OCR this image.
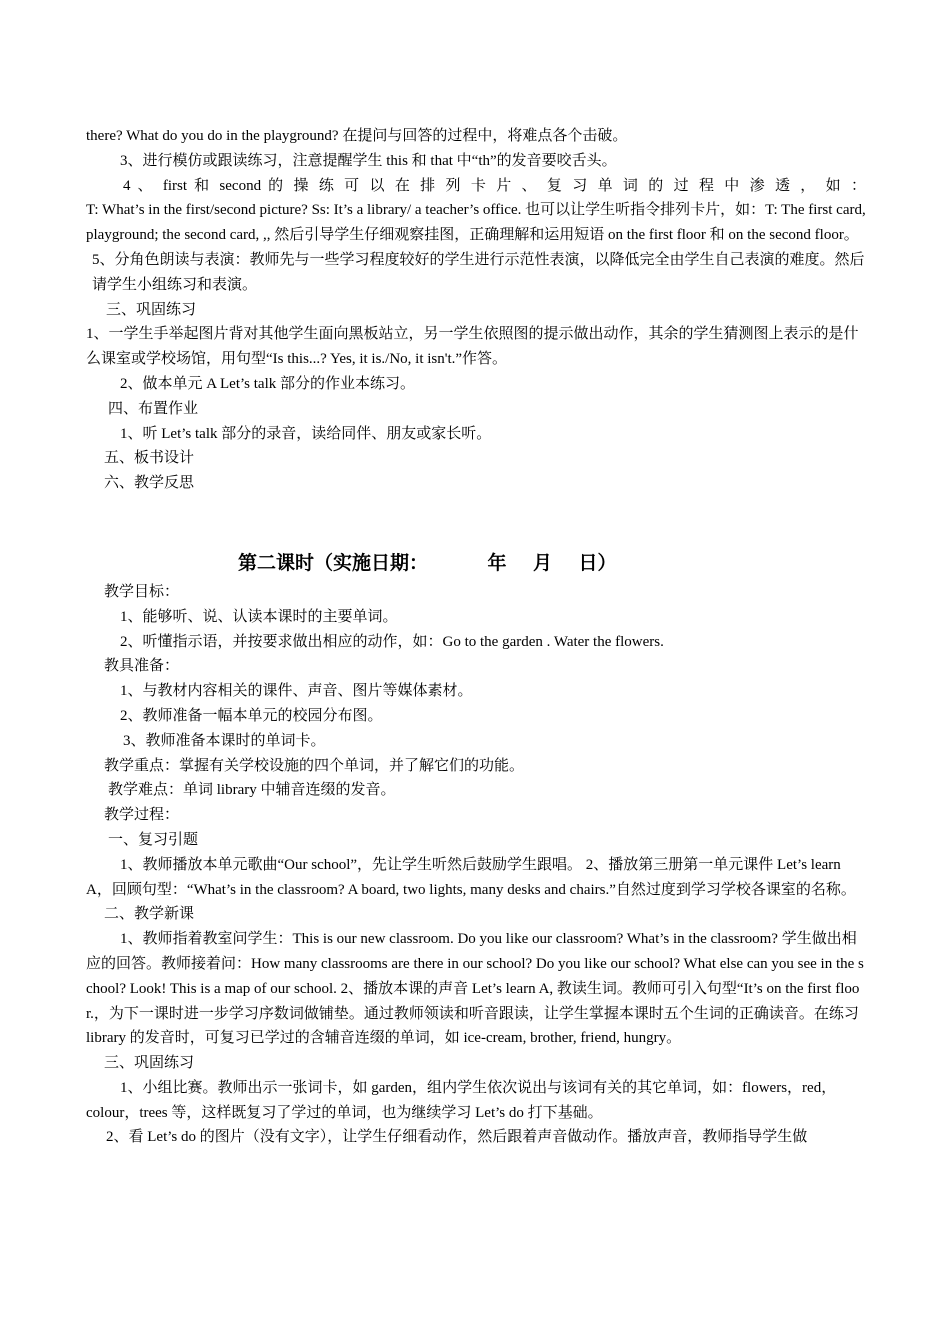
there? What do you do in the playground? 在提问与回答的过程中，将难点各个击破。

3、进行模仿或跟读练习，注意提醒学生 this 和 that 中“th”的发音要咬舌头。

4 、 first 和 second 的 操 练 可 以 在 排 列 卡 片 、 复 习 单 词 的 过 程 中 渗 透 ， 如 ：

T: What’s in the first/second picture? Ss: It’s a library/ a teacher’s office. 也可以让学生听指令排列卡片，如：T: The first card, playground; the second card, ,, 然后引导学生仔细观察挂图，正确理解和运用短语 on the first floor 和 on the second floor。

5、分角色朗读与表演：教师先与一些学习程度较好的学生进行示范性表演，以降低完全由学生自己表演的难度。然后请学生小组练习和表演。

三、巩固练习

1、一学生手举起图片背对其他学生面向黑板站立，另一学生依照图的提示做出动作，其余的学生猜测图上表示的是什么课室或学校场馆，用句型“Is this...? Yes, it is./No, it isn't.”作答。

2、做本单元 A Let’s talk 部分的作业本练习。

四、布置作业

1、听 Let’s talk 部分的录音，读给同伴、朋友或家长听。

五、板书设计

六、教学反思

第二课时（实施日期：         年    月    日）

教学目标：

1、能够听、说、认读本课时的主要单词。

2、听懂指示语，并按要求做出相应的动作，如：Go to the garden . Water the flowers.

教具准备：

1、与教材内容相关的课件、声音、图片等媒体素材。

2、教师准备一幅本单元的校园分布图。

3、教师准备本课时的单词卡。

教学重点：掌握有关学校设施的四个单词，并了解它们的功能。

教学难点：单词 library 中辅音连缀的发音。

教学过程：

一、复习引题

1、教师播放本单元歌曲“Our school”，先让学生听然后鼓励学生跟唱。 2、播放第三册第一单元课件 Let’s learn A，回顾句型：“What’s in the classroom? A board, two lights, many desks and chairs.”自然过度到学习学校各课室的名称。

二、教学新课

1、教师指着教室问学生：This is our new classroom. Do you like our classroom? What’s in the classroom? 学生做出相应的回答。教师接着问：How many classrooms are there in our school? Do you like our school? What else can you see in the school? Look! This is a map of our school. 2、播放本课的声音 Let’s learn A, 教读生词。教师可引入句型“It’s on the first floor.，为下一课时进一步学习序数词做铺垫。通过教师领读和听音跟读，让学生掌握本课时五个生词的正确读音。在练习 library 的发音时，可复习已学过的含辅音连缀的单词，如 ice-cream, brother, friend, hungry。

三、巩固练习

1、小组比赛。教师出示一张词卡，如 garden，组内学生依次说出与该词有关的其它单词，如：flowers，red，colour，trees 等，这样既复习了学过的单词，也为继续学习 Let’s do 打下基础。

2、看 Let’s do 的图片（没有文字），让学生仔细看动作，然后跟着声音做动作。播放声音，教师指导学生做
